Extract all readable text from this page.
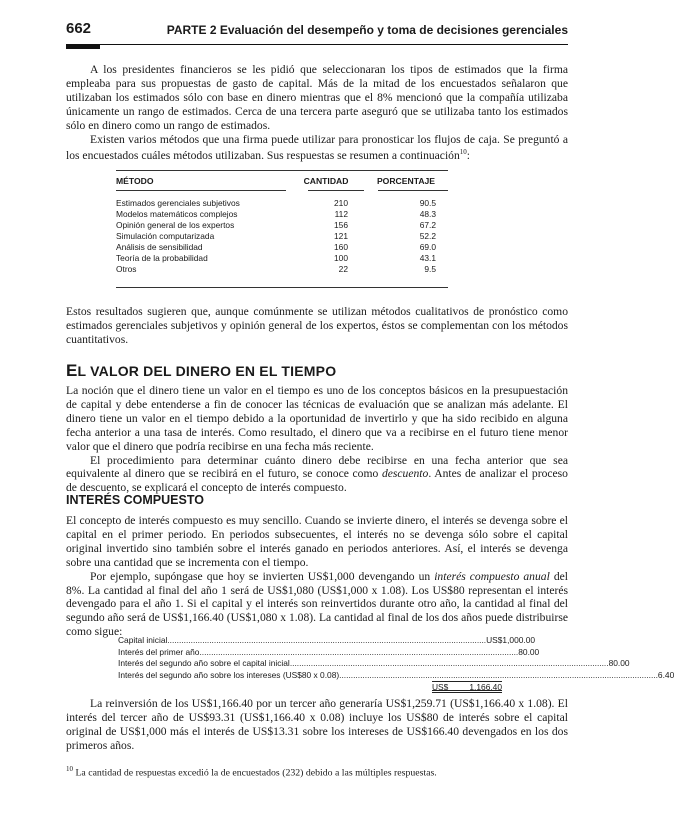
662	PARTE 2 Evaluación del desempeño y toma de decisiones gerenciales

A los presidentes financieros se les pidió que seleccionaran los tipos de estimados que la firma empleaba para sus propuestas de gasto de capital. Más de la mitad de los encuestados señalaron que utilizaban los estimados sólo con base en dinero mientras que el 8% mencionó que la compañía utilizaba únicamente un rango de estimados. Cerca de una tercera parte aseguró que se utilizaba tanto los estimados sólo en dinero como un rango de estimados.

Existen varios métodos que una firma puede utilizar para pronosticar los flujos de caja. Se preguntó a los encuestados cuáles métodos utilizaban. Sus respuestas se resumen a continuación$^{10}$:

MÉTODO	CANTIDAD	PORCENTAJE
Estimados gerenciales subjetivos	210	90.5
Modelos matemáticos complejos	112	48.3
Opinión general de los expertos	156	67.2
Simulación computarizada	121	52.2
Análisis de sensibilidad	160	69.0
Teoría de la probabilidad	100	43.1
Otros	22	9.5

Estos resultados sugieren que, aunque comúnmente se utilizan métodos cualitativos de pronóstico como estimados gerenciales subjetivos y opinión general de los expertos, éstos se complementan con los métodos cuantitativos.

EL VALOR DEL DINERO EN EL TIEMPO

La noción que el dinero tiene un valor en el tiempo es uno de los conceptos básicos en la presupuestación de capital y debe entenderse a fin de conocer las técnicas de evaluación que se analizan más adelante. El dinero tiene un valor en el tiempo debido a la oportunidad de invertirlo y que ha sido recibido en alguna fecha anterior a una tasa de interés. Como resultado, el dinero que va a recibirse en el futuro tiene menor valor que el dinero que podría recibirse en una fecha más reciente.

El procedimiento para determinar cuánto dinero debe recibirse en una fecha anterior que sea equivalente al dinero que se recibirá en el futuro, se conoce como descuento. Antes de analizar el proceso de descuento, se explicará el concepto de interés compuesto.

INTERÉS COMPUESTO

El concepto de interés compuesto es muy sencillo. Cuando se invierte dinero, el interés se devenga sobre el capital en el primer periodo. En periodos subsecuentes, el interés no se devenga sólo sobre el capital original invertido sino también sobre el interés ganado en periodos anteriores. Así, el interés se devenga sobre una cantidad que se incrementa con el tiempo.

Por ejemplo, supóngase que hoy se invierten US$1,000 devengando un interés compuesto anual del 8%. La cantidad al final del año 1 será de US$1,080 (US$1,000 x 1.08). Los US$80 representan el interés devengado para el año 1. Si el capital y el interés son reinvertidos durante otro año, la cantidad al final del segundo año será de US$1,166.40 (US$1,080 x 1.08). La cantidad al final de los dos años puede distribuirse como sigue:

Capital inicial......................................................................................................................................... US$ 1,000.00
Interés del primer año......................................................................................................................................... 80.00
Interés del segundo año sobre el capital inicial......................................................................................................................................... 80.00
Interés del segundo año sobre los intereses (US$80 x 0.08)......................................................................................................................................... 6.40
US$	1,166.40

La reinversión de los US$1,166.40 por un tercer año generaría US$1,259.71 (US$1,166.40 x 1.08). El interés del tercer año de US$93.31 (US$1,166.40 x 0.08) incluye los US$80 de interés sobre el capital original de US$1,000 más el interés de US$13.31 sobre los intereses de US$166.40 devengados en los dos primeros años.

$^{10}$ La cantidad de respuestas excedió la de encuestados (232) debido a las múltiples respuestas.
